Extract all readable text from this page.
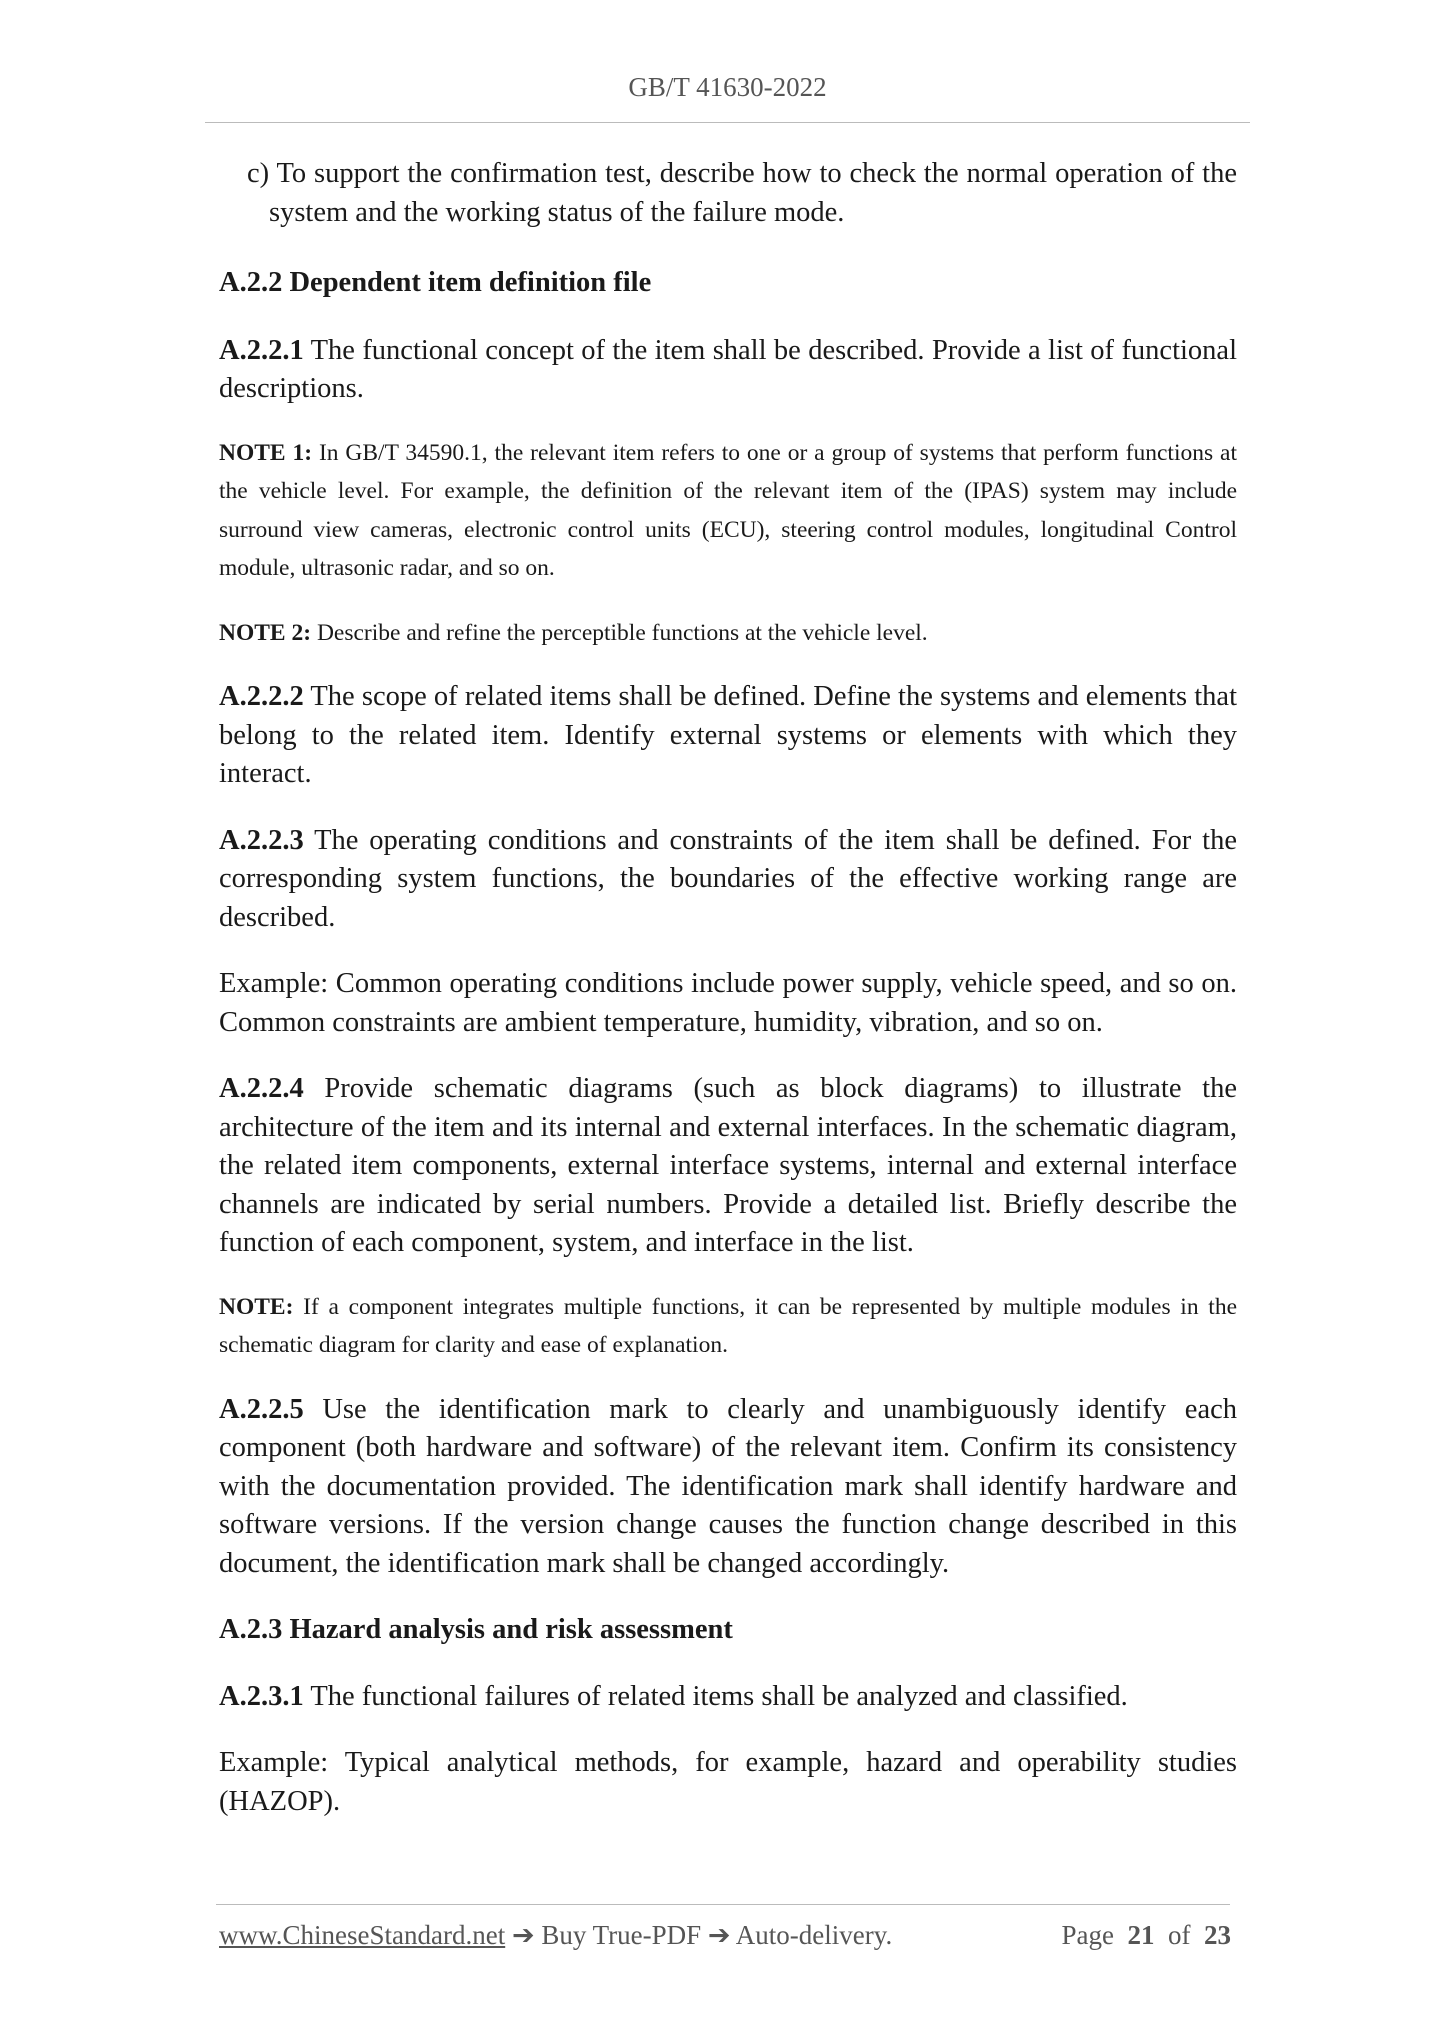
GB/T 41630-2022

c) To support the confirmation test, describe how to check the normal operation of the system and the working status of the failure mode.

A.2.2 Dependent item definition file

A.2.2.1 The functional concept of the item shall be described. Provide a list of functional descriptions.

NOTE 1: In GB/T 34590.1, the relevant item refers to one or a group of systems that perform functions at the vehicle level. For example, the definition of the relevant item of the (IPAS) system may include surround view cameras, electronic control units (ECU), steering control modules, longitudinal Control module, ultrasonic radar, and so on.

NOTE 2: Describe and refine the perceptible functions at the vehicle level.

A.2.2.2 The scope of related items shall be defined. Define the systems and elements that belong to the related item. Identify external systems or elements with which they interact.

A.2.2.3 The operating conditions and constraints of the item shall be defined. For the corresponding system functions, the boundaries of the effective working range are described.

Example: Common operating conditions include power supply, vehicle speed, and so on. Common constraints are ambient temperature, humidity, vibration, and so on.

A.2.2.4 Provide schematic diagrams (such as block diagrams) to illustrate the architecture of the item and its internal and external interfaces. In the schematic diagram, the related item components, external interface systems, internal and external interface channels are indicated by serial numbers. Provide a detailed list. Briefly describe the function of each component, system, and interface in the list.

NOTE: If a component integrates multiple functions, it can be represented by multiple modules in the schematic diagram for clarity and ease of explanation.

A.2.2.5 Use the identification mark to clearly and unambiguously identify each component (both hardware and software) of the relevant item. Confirm its consistency with the documentation provided. The identification mark shall identify hardware and software versions. If the version change causes the function change described in this document, the identification mark shall be changed accordingly.

A.2.3 Hazard analysis and risk assessment

A.2.3.1 The functional failures of related items shall be analyzed and classified.

Example: Typical analytical methods, for example, hazard and operability studies (HAZOP).

www.ChineseStandard.net ➔ Buy True-PDF ➔ Auto-delivery.	Page 21 of 23
